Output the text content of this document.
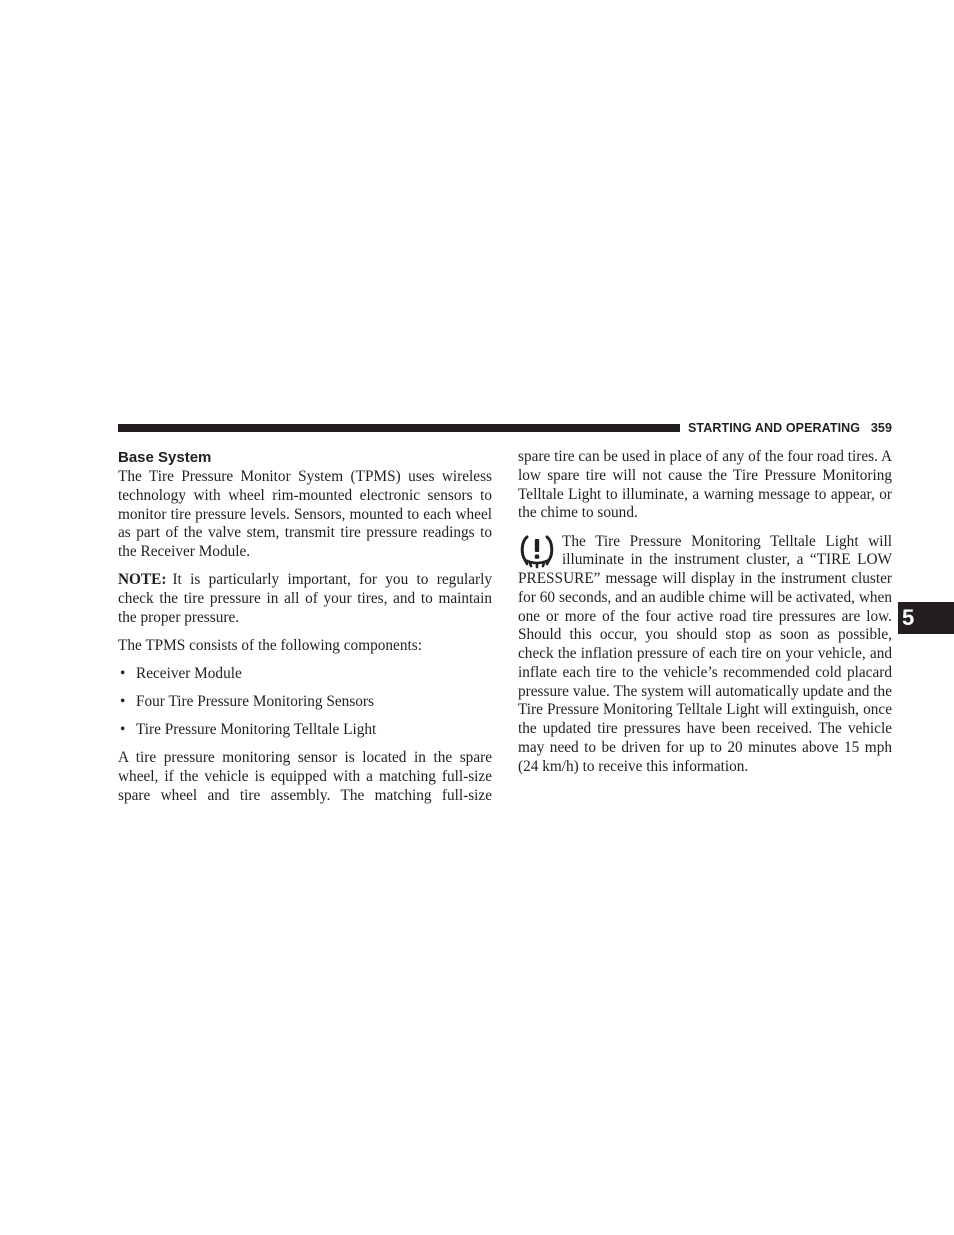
STARTING AND OPERATING 359
5
Base System

The Tire Pressure Monitor System (TPMS) uses wireless technology with wheel rim-mounted electronic sensors to monitor tire pressure levels. Sensors, mounted to each wheel as part of the valve stem, transmit tire pressure readings to the Receiver Module.

NOTE: It is particularly important, for you to regularly check the tire pressure in all of your tires, and to maintain the proper pressure.

The TPMS consists of the following components:

• Receiver Module
• Four Tire Pressure Monitoring Sensors
• Tire Pressure Monitoring Telltale Light

A tire pressure monitoring sensor is located in the spare wheel, if the vehicle is equipped with a matching full-size spare wheel and tire assembly. The matching full-size

spare tire can be used in place of any of the four road tires. A low spare tire will not cause the Tire Pressure Monitoring Telltale Light to illuminate, a warning message to appear, or the chime to sound.

The Tire Pressure Monitoring Telltale Light will illuminate in the instrument cluster, a “TIRE LOW PRESSURE” message will display in the instrument cluster for 60 seconds, and an audible chime will be activated, when one or more of the four active road tire pressures are low. Should this occur, you should stop as soon as possible, check the inflation pressure of each tire on your vehicle, and inflate each tire to the vehicle’s recommended cold placard pressure value. The system will automatically update and the Tire Pressure Monitoring Telltale Light will extinguish, once the updated tire pressures have been received. The vehicle may need to be driven for up to 20 minutes above 15 mph (24 km/h) to receive this information.
